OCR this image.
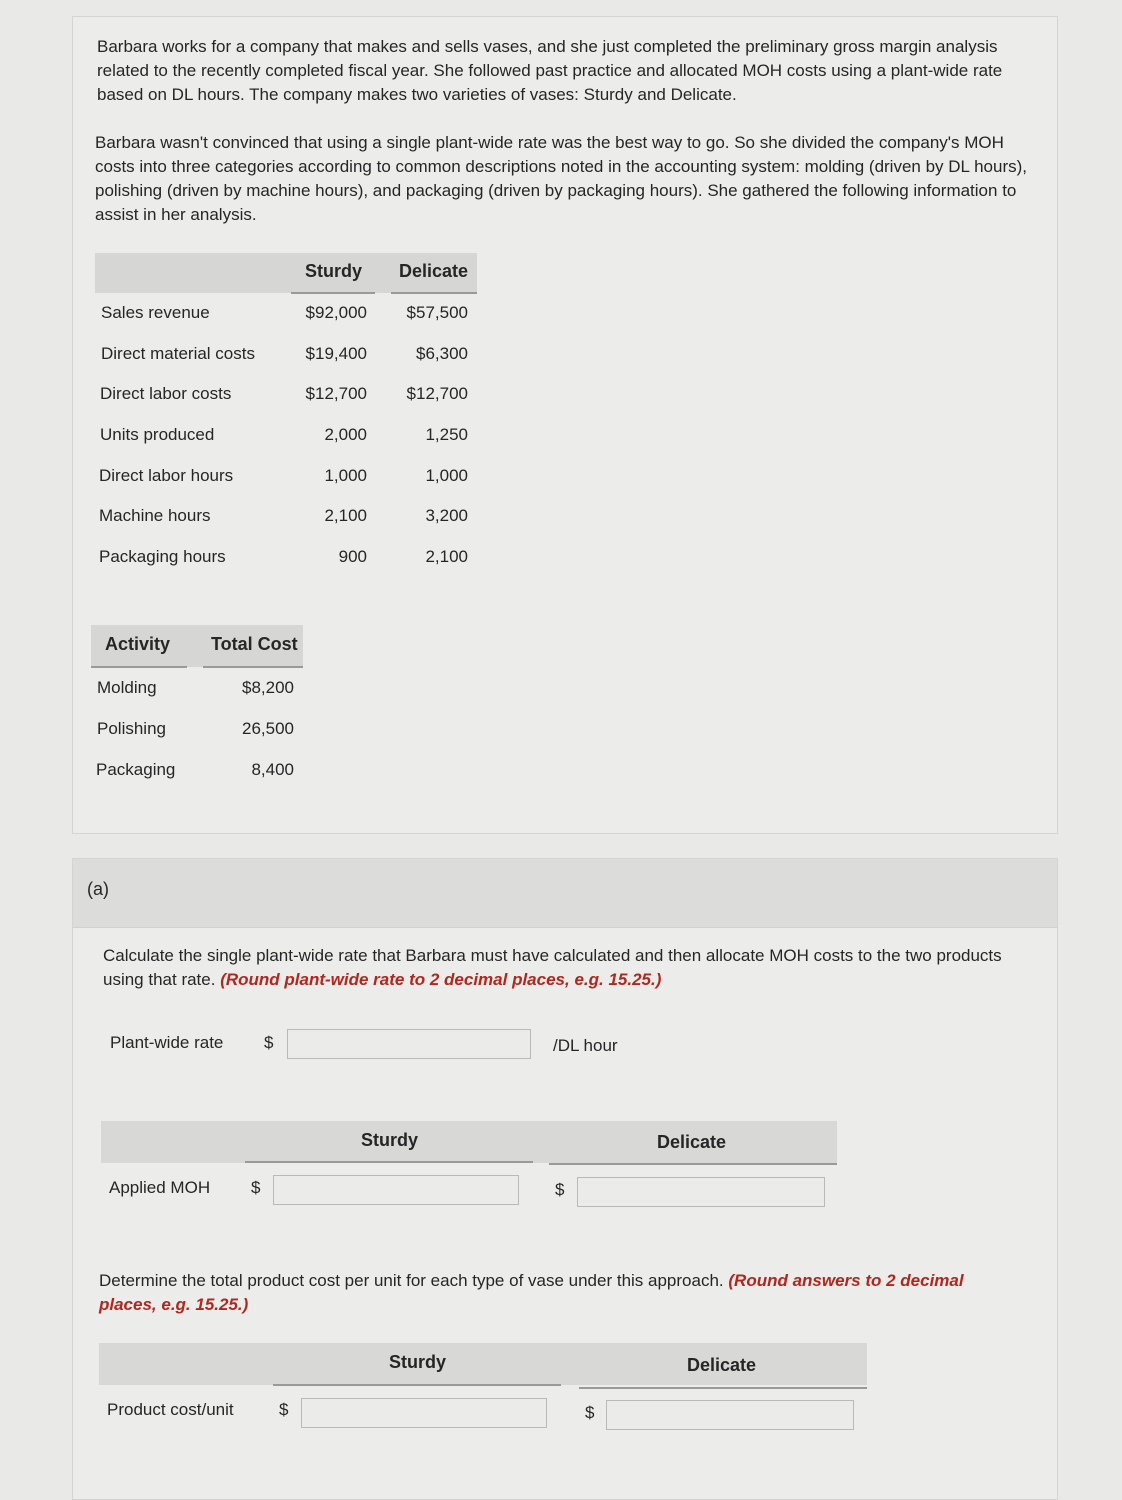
Barbara works for a company that makes and sells vases, and she just completed the preliminary gross margin analysis related to the recently completed fiscal year. She followed past practice and allocated MOH costs using a plant-wide rate based on DL hours. The company makes two varieties of vases: Sturdy and Delicate.

Barbara wasn't convinced that using a single plant-wide rate was the best way to go. So she divided the company's MOH costs into three categories according to common descriptions noted in the accounting system: molding (driven by DL hours), polishing (driven by machine hours), and packaging (driven by packaging hours). She gathered the following information to assist in her analysis.

Sturdy Delicate
Sales revenue	$92,000	$57,500
Direct material costs	$19,400	$6,300
Direct labor costs	$12,700	$12,700
Units produced	2,000	1,250
Direct labor hours	1,000	1,000
Machine hours	2,100	3,200
Packaging hours	900	2,100
Activity Total Cost
Molding	$8,200
Polishing	26,500
Packaging	8,400
(a)
Calculate the single plant-wide rate that Barbara must have calculated and then allocate MOH costs to the two products using that rate. (Round plant-wide rate to 2 decimal places, e.g. 15.25.)
Plant-wide rate $	/DL hour
Sturdy	Delicate
Applied MOH $	$
Determine the total product cost per unit for each type of vase under this approach. (Round answers to 2 decimal places, e.g. 15.25.)
Sturdy	Delicate
Product cost/unit	$	$
